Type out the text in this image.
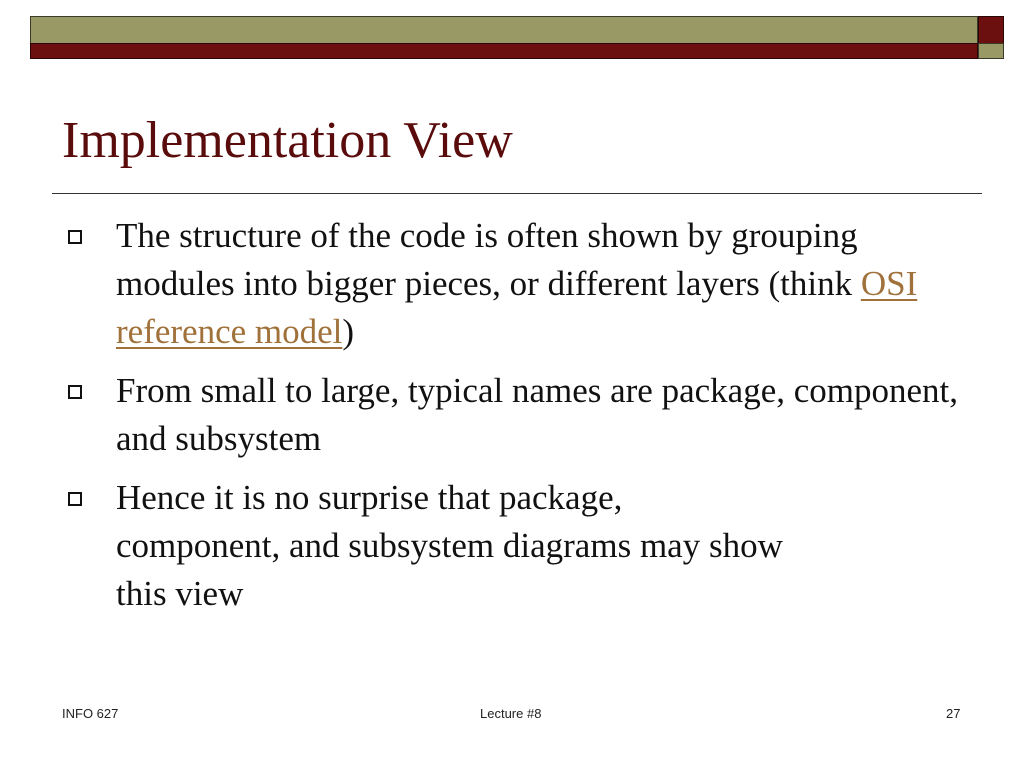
Implementation View
The structure of the code is often shown by grouping modules into bigger pieces, or different layers (think OSI reference model)
From small to large, typical names are package, component, and subsystem
Hence it is no surprise that package, component, and subsystem diagrams may show this view
INFO 627	Lecture #8	27
